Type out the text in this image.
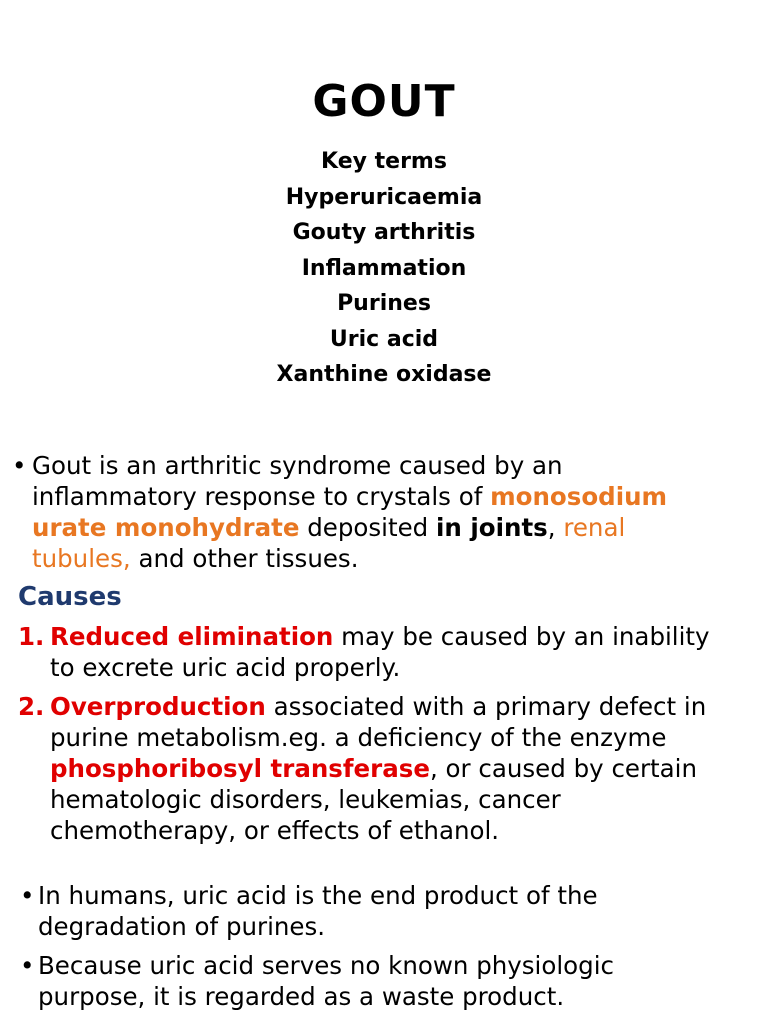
GOUT
Key terms
Hyperuricaemia
Gouty arthritis
Inflammation
Purines
Uric acid
Xanthine oxidase
• Gout is an arthritic syndrome caused by an
inflammatory response to crystals of monosodium
urate monohydrate deposited in joints, renal
tubules, and other tissues.
Causes
1. Reduced elimination may be caused by an inability
to excrete uric acid properly.
2. Overproduction associated with a primary defect in
purine metabolism.eg. a deficiency of the enzyme
phosphoribosyl transferase, or caused by certain
hematologic disorders, leukemias, cancer
chemotherapy, or effects of ethanol.
• In humans, uric acid is the end product of the
degradation of purines.
• Because uric acid serves no known physiologic
purpose, it is regarded as a waste product.
